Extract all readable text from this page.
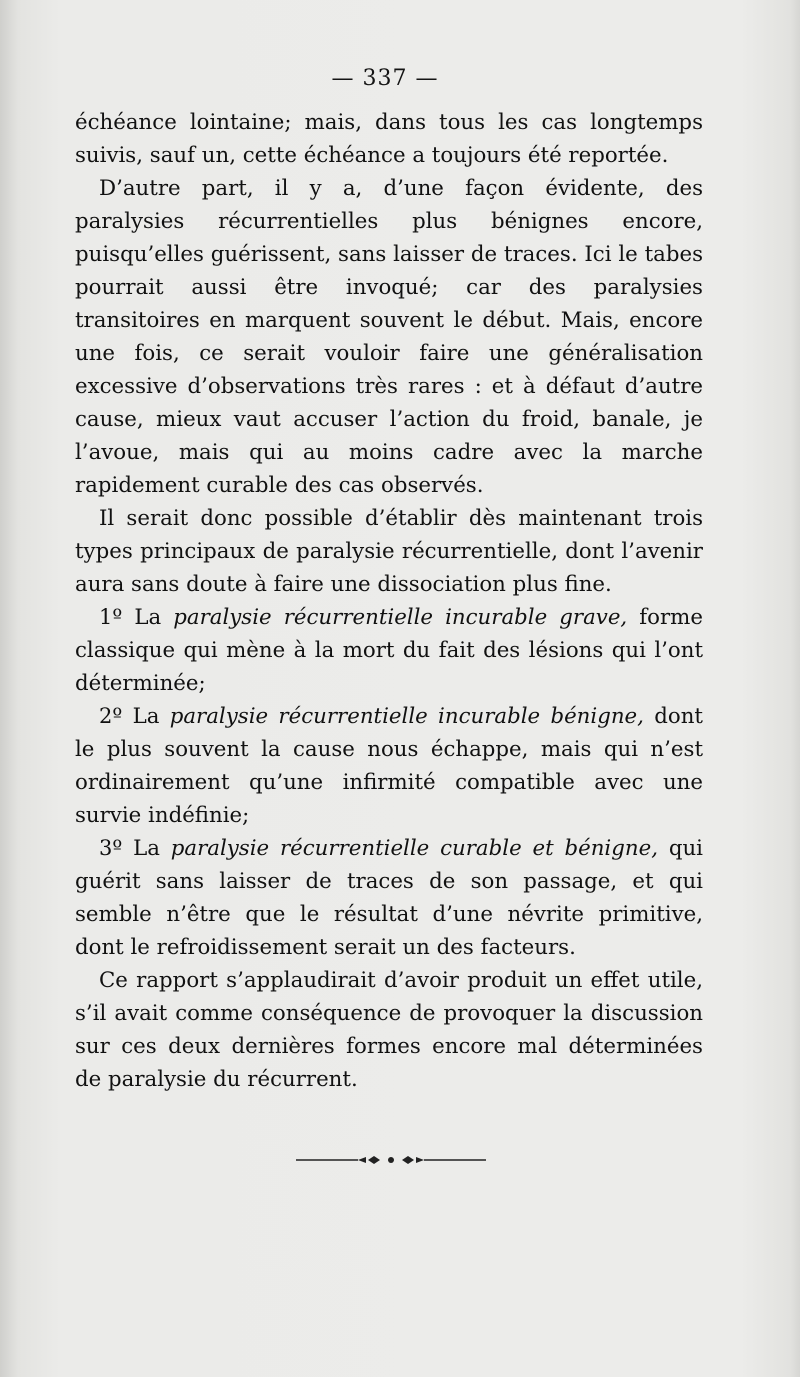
— 337 —

échéance lointaine; mais, dans tous les cas longtemps suivis, sauf un, cette échéance a toujours été reportée.

D’autre part, il y a, d’une façon évidente, des paralysies récurrentielles plus bénignes encore, puisqu’elles guérissent, sans laisser de traces. Ici le tabes pourrait aussi être invoqué; car des paralysies transitoires en marquent souvent le début. Mais, encore une fois, ce serait vouloir faire une généralisation excessive d’observations très rares : et à défaut d’autre cause, mieux vaut accuser l’action du froid, banale, je l’avoue, mais qui au moins cadre avec la marche rapidement curable des cas observés.

Il serait donc possible d’établir dès maintenant trois types principaux de paralysie récurrentielle, dont l’avenir aura sans doute à faire une dissociation plus fine.

1º La paralysie récurrentielle incurable grave, forme classique qui mène à la mort du fait des lésions qui l’ont déterminée;

2º La paralysie récurrentielle incurable bénigne, dont le plus souvent la cause nous échappe, mais qui n’est ordinairement qu’une infirmité compatible avec une survie indéfinie;

3º La paralysie récurrentielle curable et bénigne, qui guérit sans laisser de traces de son passage, et qui semble n’être que le résultat d’une névrite primitive, dont le refroidissement serait un des facteurs.

Ce rapport s’applaudirait d’avoir produit un effet utile, s’il avait comme conséquence de provoquer la discussion sur ces deux dernières formes encore mal déterminées de paralysie du récurrent.
